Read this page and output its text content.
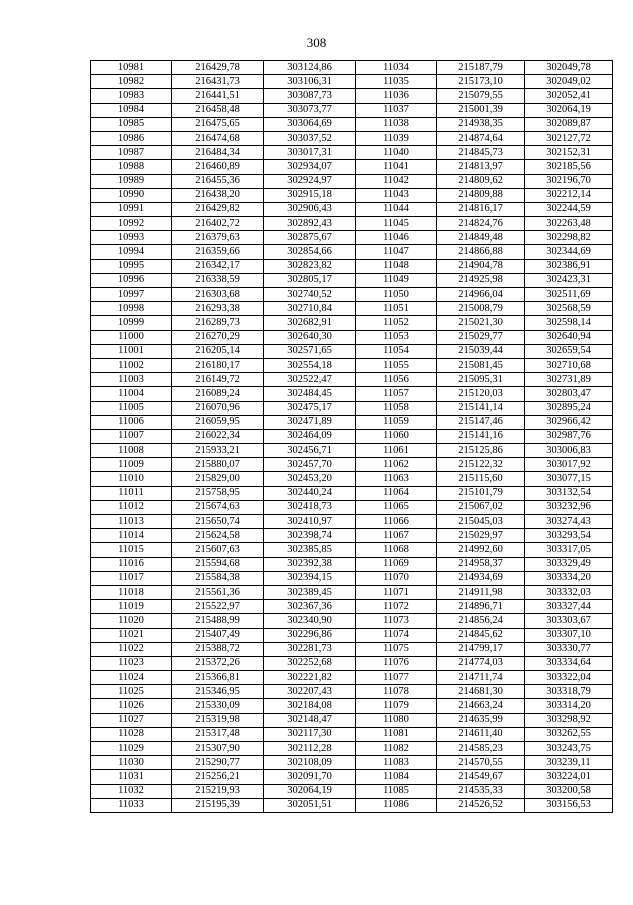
308
10981	216429,78	303124,86	11034	215187,79	302049,78
10982	216431,73	303106,31	11035	215173,10	302049,02
10983	216441,51	303087,73	11036	215079,55	302052,41
10984	216458,48	303073,77	11037	215001,39	302064,19
10985	216475,65	303064,69	11038	214938,35	302089,87
10986	216474,68	303037,52	11039	214874,64	302127,72
10987	216484,34	303017,31	11040	214845,73	302152,31
10988	216460,89	302934,07	11041	214813,97	302185,56
10989	216455,36	302924,97	11042	214809,62	302196,70
10990	216438,20	302915,18	11043	214809,88	302212,14
10991	216429,82	302906,43	11044	214816,17	302244,59
10992	216402,72	302892,43	11045	214824,76	302263,48
10993	216379,63	302875,67	11046	214849,48	302298,82
10994	216359,66	302854,66	11047	214866,88	302344,69
10995	216342,17	302823,82	11048	214904,78	302386,91
10996	216338,59	302805,17	11049	214925,98	302423,31
10997	216303,68	302740,52	11050	214966,04	302511,69
10998	216293,38	302710,84	11051	215008,79	302568,59
10999	216289,73	302682,91	11052	215021,30	302598,14
11000	216270,29	302640,30	11053	215029,77	302640,94
11001	216205,14	302571,65	11054	215039,44	302659,54
11002	216180,17	302554,18	11055	215081,45	302710,68
11003	216149,72	302522,47	11056	215095,31	302731,89
11004	216089,24	302484,45	11057	215120,03	302803,47
11005	216070,96	302475,17	11058	215141,14	302895,24
11006	216059,95	302471,89	11059	215147,46	302966,42
11007	216022,34	302464,09	11060	215141,16	302987,76
11008	215933,21	302456,71	11061	215125,86	303006,83
11009	215880,07	302457,70	11062	215122,32	303017,92
11010	215829,00	302453,20	11063	215115,60	303077,15
11011	215758,95	302440,24	11064	215101,79	303132,54
11012	215674,63	302418,73	11065	215067,02	303232,96
11013	215650,74	302410,97	11066	215045,03	303274,43
11014	215624,58	302398,74	11067	215029,97	303293,54
11015	215607,63	302385,85	11068	214992,60	303317,05
11016	215594,68	302392,38	11069	214958,37	303329,49
11017	215584,38	302394,15	11070	214934,69	303334,20
11018	215561,36	302389,45	11071	214911,98	303332,03
11019	215522,97	302367,36	11072	214896,71	303327,44
11020	215488,99	302340,90	11073	214856,24	303303,67
11021	215407,49	302296,86	11074	214845,62	303307,10
11022	215388,72	302281,73	11075	214799,17	303330,77
11023	215372,26	302252,68	11076	214774,03	303334,64
11024	215366,81	302221,82	11077	214711,74	303322,04
11025	215346,95	302207,43	11078	214681,30	303318,79
11026	215330,09	302184,08	11079	214663,24	303314,20
11027	215319,98	302148,47	11080	214635,99	303298,92
11028	215317,48	302117,30	11081	214611,40	303262,55
11029	215307,90	302112,28	11082	214585,23	303243,75
11030	215290,77	302108,09	11083	214570,55	303239,11
11031	215256,21	302091,70	11084	214549,67	303224,01
11032	215219,93	302064,19	11085	214535,33	303200,58
11033	215195,39	302051,51	11086	214526,52	303156,53
